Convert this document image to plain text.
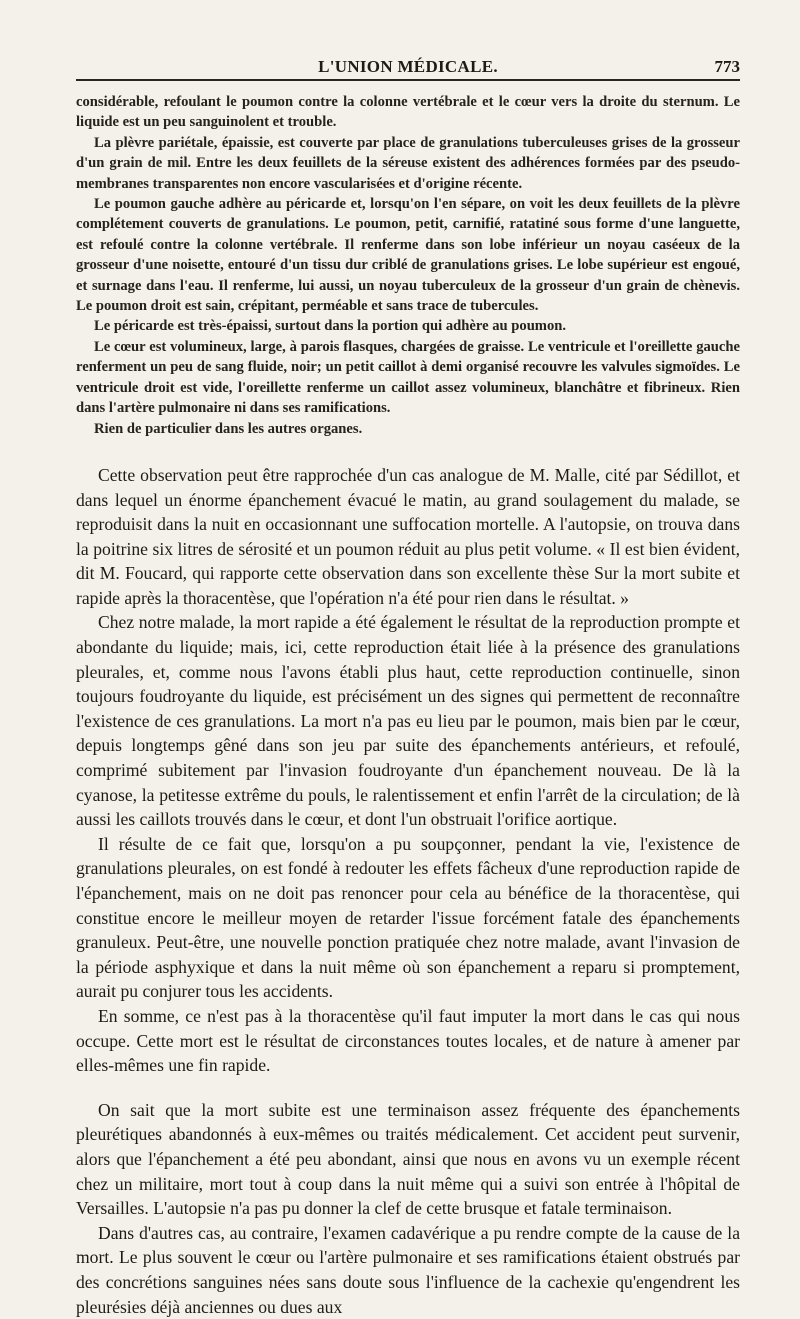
L'UNION MÉDICALE.	773

considérable, refoulant le poumon contre la colonne vertébrale et le cœur vers la droite du sternum. Le liquide est un peu sanguinolent et trouble.

La plèvre pariétale, épaissie, est couverte par place de granulations tuberculeuses grises de la grosseur d'un grain de mil. Entre les deux feuillets de la séreuse existent des adhérences formées par des pseudo-membranes transparentes non encore vascularisées et d'origine récente.

Le poumon gauche adhère au péricarde et, lorsqu'on l'en sépare, on voit les deux feuillets de la plèvre complétement couverts de granulations. Le poumon, petit, carnifié, ratatiné sous forme d'une languette, est refoulé contre la colonne vertébrale. Il renferme dans son lobe inférieur un noyau caséeux de la grosseur d'une noisette, entouré d'un tissu dur criblé de granulations grises. Le lobe supérieur est engoué, et surnage dans l'eau. Il renferme, lui aussi, un noyau tuberculeux de la grosseur d'un grain de chènevis. Le poumon droit est sain, crépitant, perméable et sans trace de tubercules.

Le péricarde est très-épaissi, surtout dans la portion qui adhère au poumon.

Le cœur est volumineux, large, à parois flasques, chargées de graisse. Le ventricule et l'oreillette gauche renferment un peu de sang fluide, noir; un petit caillot à demi organisé recouvre les valvules sigmoïdes. Le ventricule droit est vide, l'oreillette renferme un caillot assez volumineux, blanchâtre et fibrineux. Rien dans l'artère pulmonaire ni dans ses ramifications.

Rien de particulier dans les autres organes.

Cette observation peut être rapprochée d'un cas analogue de M. Malle, cité par Sédillot, et dans lequel un énorme épanchement évacué le matin, au grand soulagement du malade, se reproduisit dans la nuit en occasionnant une suffocation mortelle. A l'autopsie, on trouva dans la poitrine six litres de sérosité et un poumon réduit au plus petit volume. « Il est bien évident, dit M. Foucard, qui rapporte cette observation dans son excellente thèse Sur la mort subite et rapide après la thoracentèse, que l'opération n'a été pour rien dans le résultat. »

Chez notre malade, la mort rapide a été également le résultat de la reproduction prompte et abondante du liquide; mais, ici, cette reproduction était liée à la présence des granulations pleurales, et, comme nous l'avons établi plus haut, cette reproduction continuelle, sinon toujours foudroyante du liquide, est précisément un des signes qui permettent de reconnaître l'existence de ces granulations. La mort n'a pas eu lieu par le poumon, mais bien par le cœur, depuis longtemps gêné dans son jeu par suite des épanchements antérieurs, et refoulé, comprimé subitement par l'invasion foudroyante d'un épanchement nouveau. De là la cyanose, la petitesse extrême du pouls, le ralentissement et enfin l'arrêt de la circulation; de là aussi les caillots trouvés dans le cœur, et dont l'un obstruait l'orifice aortique.

Il résulte de ce fait que, lorsqu'on a pu soupçonner, pendant la vie, l'existence de granulations pleurales, on est fondé à redouter les effets fâcheux d'une reproduction rapide de l'épanchement, mais on ne doit pas renoncer pour cela au bénéfice de la thoracentèse, qui constitue encore le meilleur moyen de retarder l'issue forcément fatale des épanchements granuleux. Peut-être, une nouvelle ponction pratiquée chez notre malade, avant l'invasion de la période asphyxique et dans la nuit même où son épanchement a reparu si promptement, aurait pu conjurer tous les accidents.

En somme, ce n'est pas à la thoracentèse qu'il faut imputer la mort dans le cas qui nous occupe. Cette mort est le résultat de circonstances toutes locales, et de nature à amener par elles-mêmes une fin rapide.

On sait que la mort subite est une terminaison assez fréquente des épanchements pleurétiques abandonnés à eux-mêmes ou traités médicalement. Cet accident peut survenir, alors que l'épanchement a été peu abondant, ainsi que nous en avons vu un exemple récent chez un militaire, mort tout à coup dans la nuit même qui a suivi son entrée à l'hôpital de Versailles. L'autopsie n'a pas pu donner la clef de cette brusque et fatale terminaison.

Dans d'autres cas, au contraire, l'examen cadavérique a pu rendre compte de la cause de la mort. Le plus souvent le cœur ou l'artère pulmonaire et ses ramifications étaient obstrués par des concrétions sanguines nées sans doute sous l'influence de la cachexie qu'engendrent les pleurésies déjà anciennes ou dues aux
